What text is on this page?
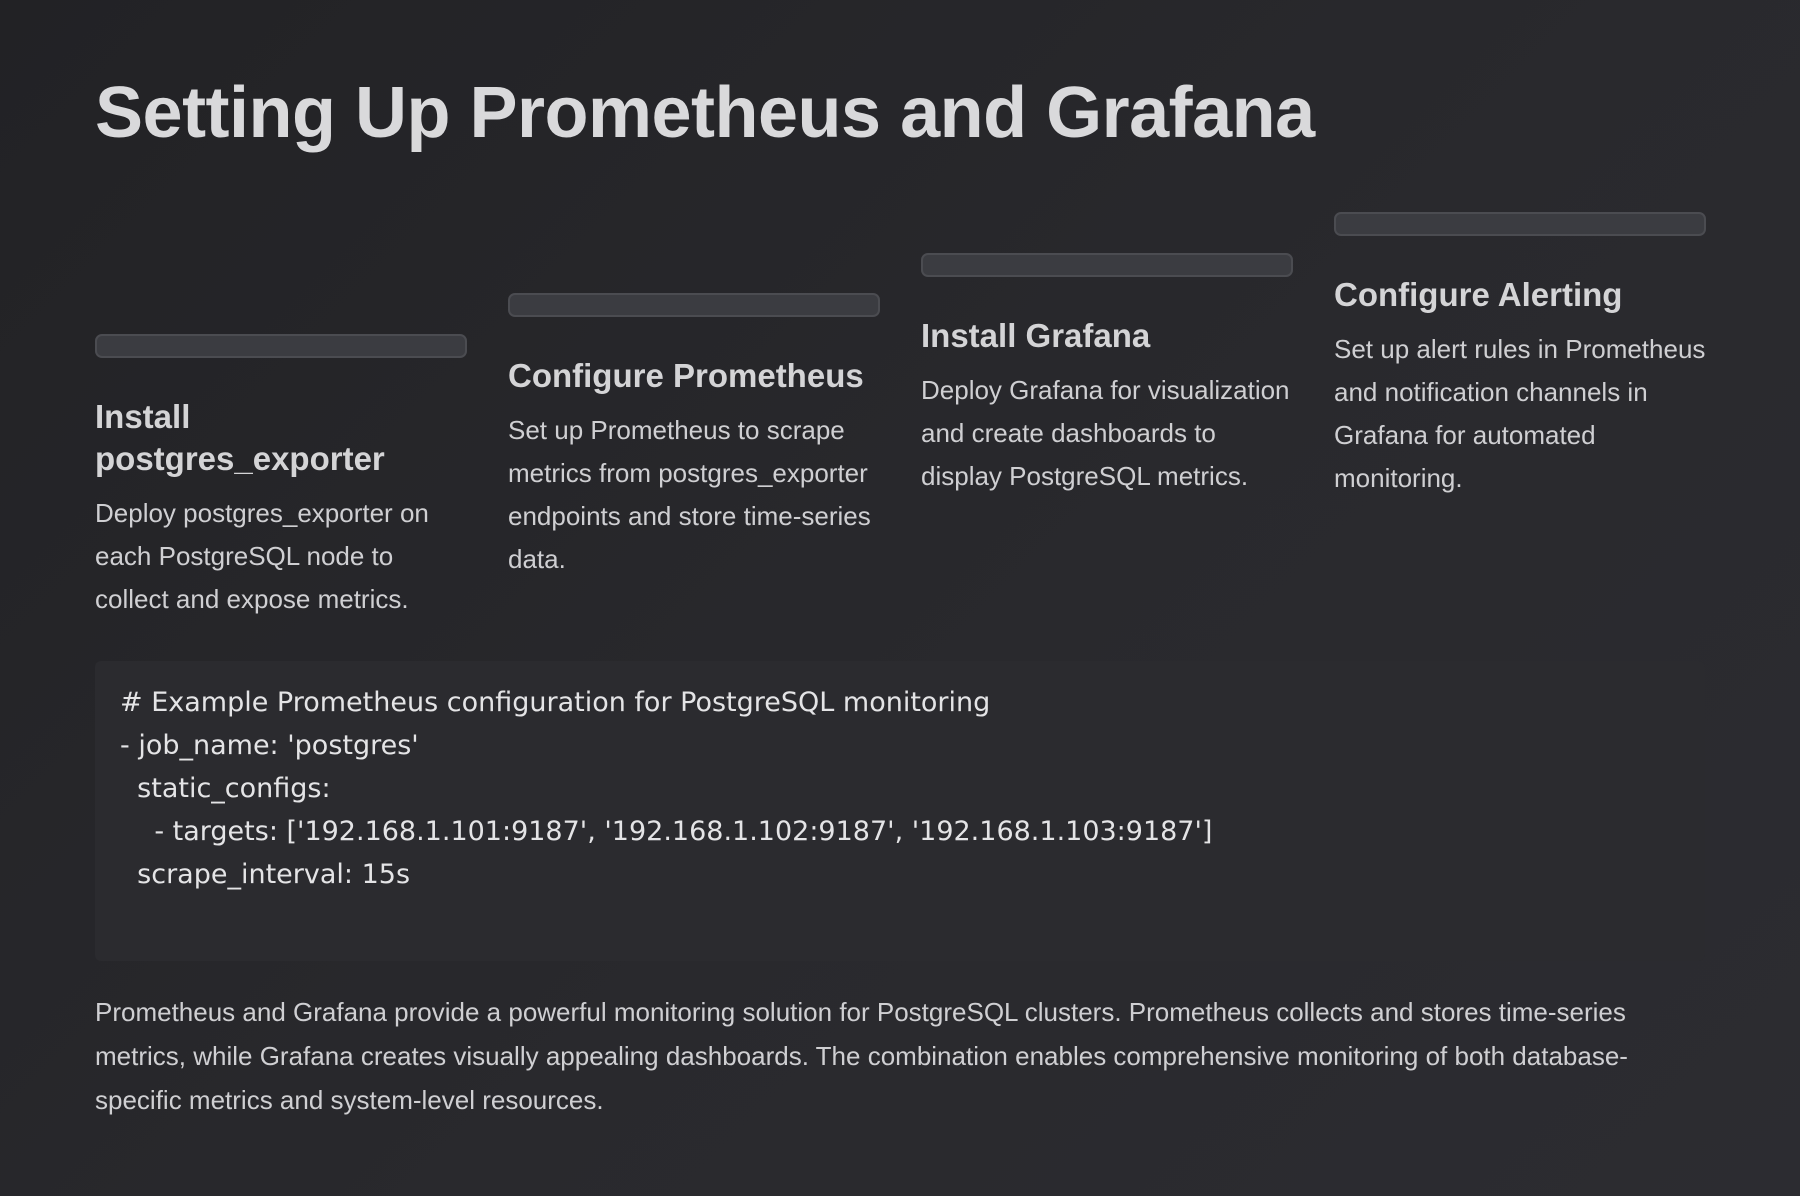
Setting Up Prometheus and Grafana
Install postgres_exporter

Deploy postgres_exporter on each PostgreSQL node to collect and expose metrics.

Configure Prometheus

Set up Prometheus to scrape metrics from postgres_exporter endpoints and store time-series data.

Install Grafana

Deploy Grafana for visualization and create dashboards to display PostgreSQL metrics.

Configure Alerting

Set up alert rules in Prometheus and notification channels in Grafana for automated monitoring.

# Example Prometheus configuration for PostgreSQL monitoring
- job_name: 'postgres'
static_configs:
- targets: ['192.168.1.101:9187', '192.168.1.102:9187', '192.168.1.103:9187']
scrape_interval: 15s

Prometheus and Grafana provide a powerful monitoring solution for PostgreSQL clusters. Prometheus collects and stores time-series metrics, while Grafana creates visually appealing dashboards. The combination enables comprehensive monitoring of both database-specific metrics and system-level resources.
